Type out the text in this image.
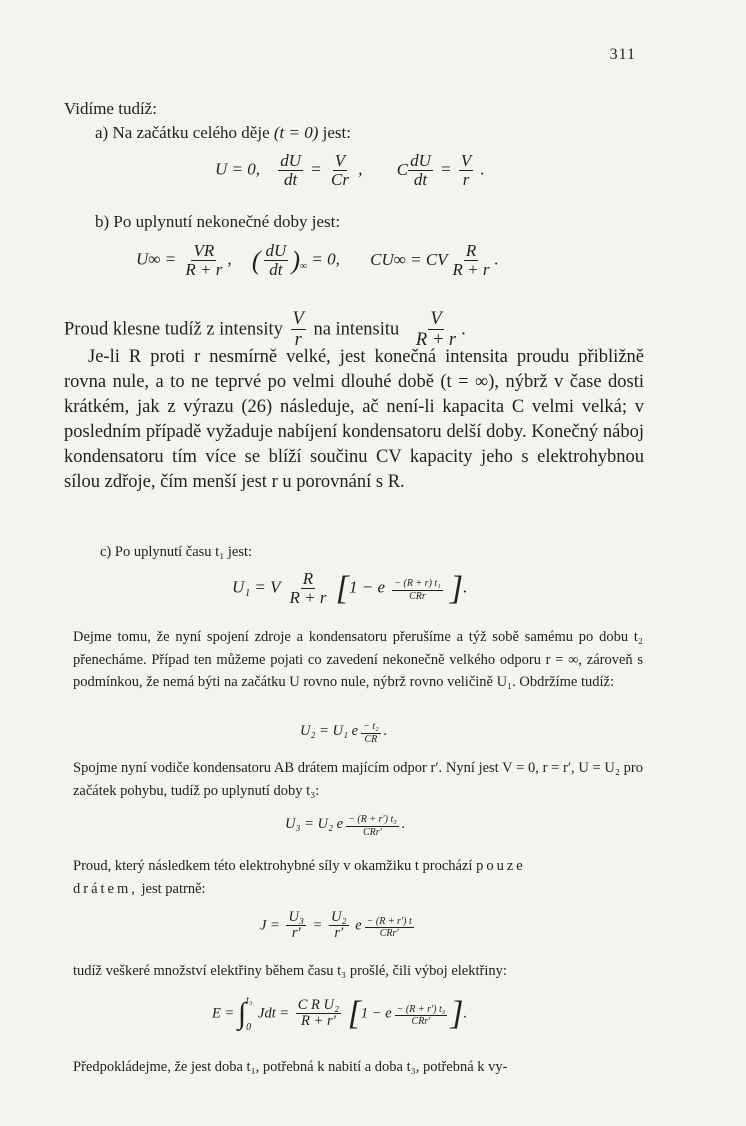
311
Vidíme tudíž:
a) Na začátku celého děje (t = 0) jest:
U = 0, $\frac{dU}{dt} = \frac{V}{Cr}$ , C $\frac{dU}{dt} = \frac{V}{r}$ .
b) Po uplynutí nekonečné doby jest:
$U\infty = \frac{VR}{R + r}$ , ( $\frac{dU}{dt} )_\infty = 0$, CU∞ = CV $\frac{R}{R + r}$ .
Proud klesne tudíž z intensity $\frac{V}{r}$ na intensitu $\frac{V}{R + r}$ .
Je-li R proti r nesmírně velké, jest konečná intensita proudu přibližně rovna nule, a to ne teprvé po velmi dlouhé době (t = ∞), nýbrž v čase dosti krátkém, jak z výrazu (26) následuje, ač není-li kapacita C velmi velká; v posledním případě vyžaduje nabíjení kondensatoru delší doby. Konečný náboj kondensatoru tím více se blíží součinu CV kapacity jeho s elektrohybnou sílou zdřoje, čím menší jest r u porovnání s R.
c) Po uplynutí času t₁ jest:
U₁ = V $\frac{R}{R + r} [1 - e \frac{\text{− (R + r) t₁}}{\text{CRr}}$ ].
Dejme tomu, že nyní spojení zdroje a kondensatoru přerušíme a týž sobě samému po dobu t₂ přenecháme. Případ ten můžeme pojati co zavedení nekonečně velkého odporu r = ∞, zároveň s podmínkou, že nemá býti na začátku U rovno nule, nýbrž rovno veličině U₁. Obdržíme tudíž:
U₂ = U₁ e $\frac{\text{− t₂}}{CR}$ .
Spojme nyní vodiče kondensatoru AB drátem majícím odpor r′. Nyní jest V = 0, r = r′, U = U₂ pro začátek pohybu, tudíž po uplynutí doby t₃:
U₃ = U₂ e $\frac{\text{− (R + r′) t₃}}{\text{CRr′}}$ .
Proud, který následkem této elektrohybné síly v okamžiku t prochází pouze
drátem, jest patrně:
$J = \frac{\text{U₃}}{r'} = \frac{\text{U₂}}{r'}$ e $\frac{- (R + r') t}{\text{CRr′}}$
tudíž veškeré množství elektřiny během času t₃ prošlé, čili výboj elektřiny:
E = ∫ t₃
0
Jdt = $\frac{\text{C R U₂}}{R + r'} [1 - e \frac{\text{− (R + r′) t₃}}{\text{CRr′}}$ ].
Předpokládejme, že jest doba t₁, potřebná k nabití a doba t₃, potřebná k vy-
